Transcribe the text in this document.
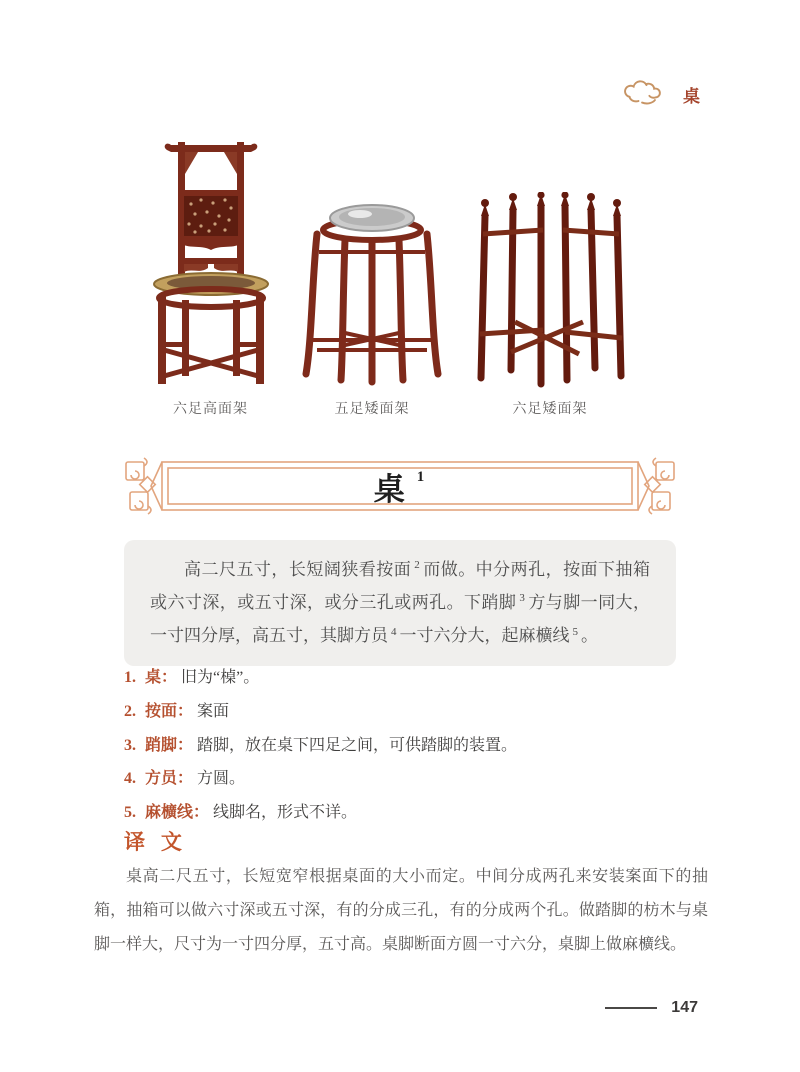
桌
六足高面架	五足矮面架	六足矮面架
桌 $^1$

高二尺五寸，长短阔狭看按面 $^2$ 而做。中分两孔，按面下抽箱或六寸深，或五寸深，或分三孔或两孔。下踃脚 $^3$ 方与脚一同大，一寸四分厚，高五寸，其脚方员 $^4$ 一寸六分大，起麻櫎线 $^5$ 。

1. 桌： 旧为“槕”。

2. 按面： 案面

3. 踃脚： 踏脚，放在桌下四足之间，可供踏脚的装置。

4. 方员： 方圆。

5. 麻櫎线： 线脚名，形式不详。

译 文

桌高二尺五寸，长短宽窄根据桌面的大小而定。中间分成两孔来安装案面下的抽箱，抽箱可以做六寸深或五寸深，有的分成三孔，有的分成两个孔。做踏脚的枋木与桌脚一样大，尺寸为一寸四分厚，五寸高。桌脚断面方圆一寸六分，桌脚上做麻櫎线。

147
